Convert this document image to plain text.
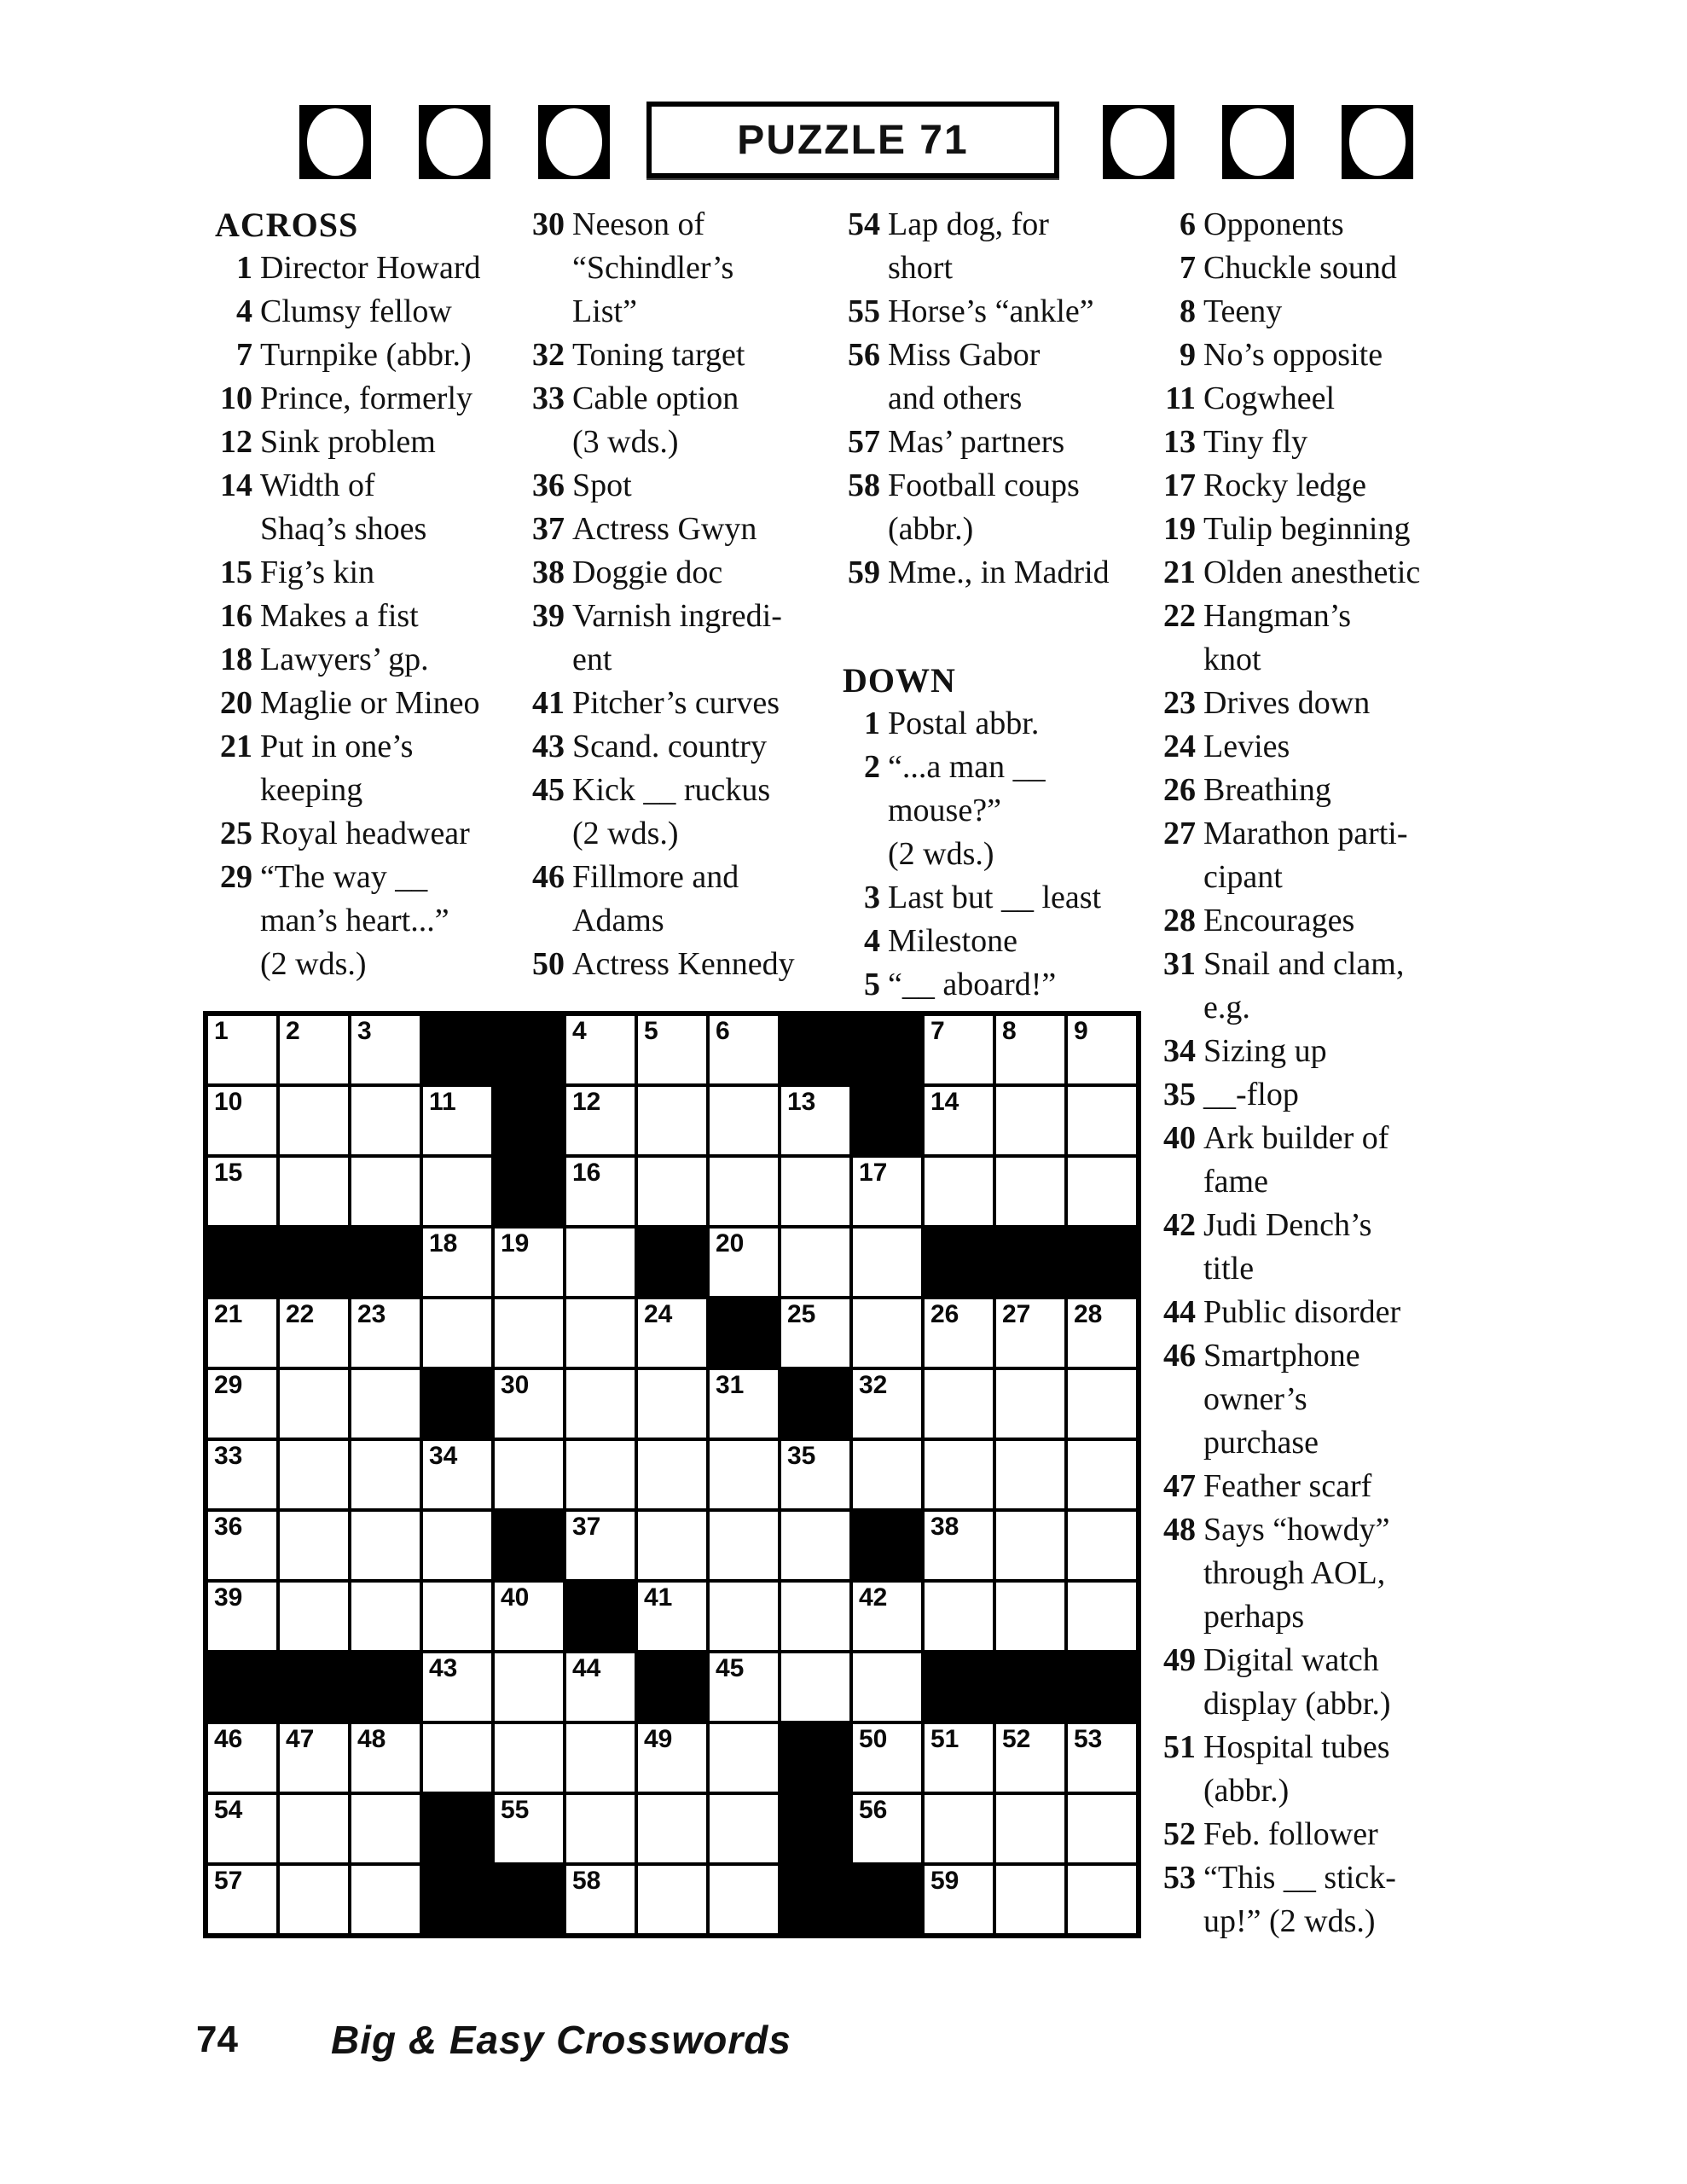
PUZZLE 71
ACROSS
1 Director Howard
4 Clumsy fellow
7 Turnpike (abbr.)
10 Prince, formerly
12 Sink problem
14 Width of
Shaq’s shoes
15 Fig’s kin
16 Makes a fist
18 Lawyers’ gp.
20 Maglie or Mineo
21 Put in one’s
keeping
25 Royal headwear
29 “The way __
man’s heart...”
(2 wds.)
30 Neeson of
“Schindler’s
List”
32 Toning target
33 Cable option
(3 wds.)
36 Spot
37 Actress Gwyn
38 Doggie doc
39 Varnish ingredi-
ent
41 Pitcher’s curves
43 Scand. country
45 Kick __ ruckus
(2 wds.)
46 Fillmore and
Adams
50 Actress Kennedy
54 Lap dog, for
short
55 Horse’s “ankle”
56 Miss Gabor
and others
57 Mas’ partners
58 Football coups
(abbr.)
59 Mme., in Madrid
DOWN
1 Postal abbr.
2 “...a man __
mouse?”
(2 wds.)
3 Last but __ least
4 Milestone
5 “__ aboard!”
6 Opponents
7 Chuckle sound
8 Teeny
9 No’s opposite
11 Cogwheel
13 Tiny fly
17 Rocky ledge
19 Tulip beginning
21 Olden anesthetic
22 Hangman’s
knot
23 Drives down
24 Levies
26 Breathing
27 Marathon parti-
cipant
28 Encourages
31 Snail and clam,
e.g.
34 Sizing up
35 __-flop
40 Ark builder of
fame
42 Judi Dench’s
title
44 Public disorder
46 Smartphone
owner’s
purchase
47 Feather scarf
48 Says “howdy”
through AOL,
perhaps
49 Digital watch
display (abbr.)
51 Hospital tubes
(abbr.)
52 Feb. follower
53 “This __ stick-
up!” (2 wds.)
1	2	3			4	5	6			7	8	9

10			11		12			13		14		

15					16				17			

			18	19			20					

21	22	23				24		25		26	27	28

29				30			31		32			

33			34					35				

36					37					38		

39				40		41			42			

			43		44		45					

46	47	48				49			50	51	52	53

54				55					56			

57					58					59		

74 Big & Easy Crosswords
